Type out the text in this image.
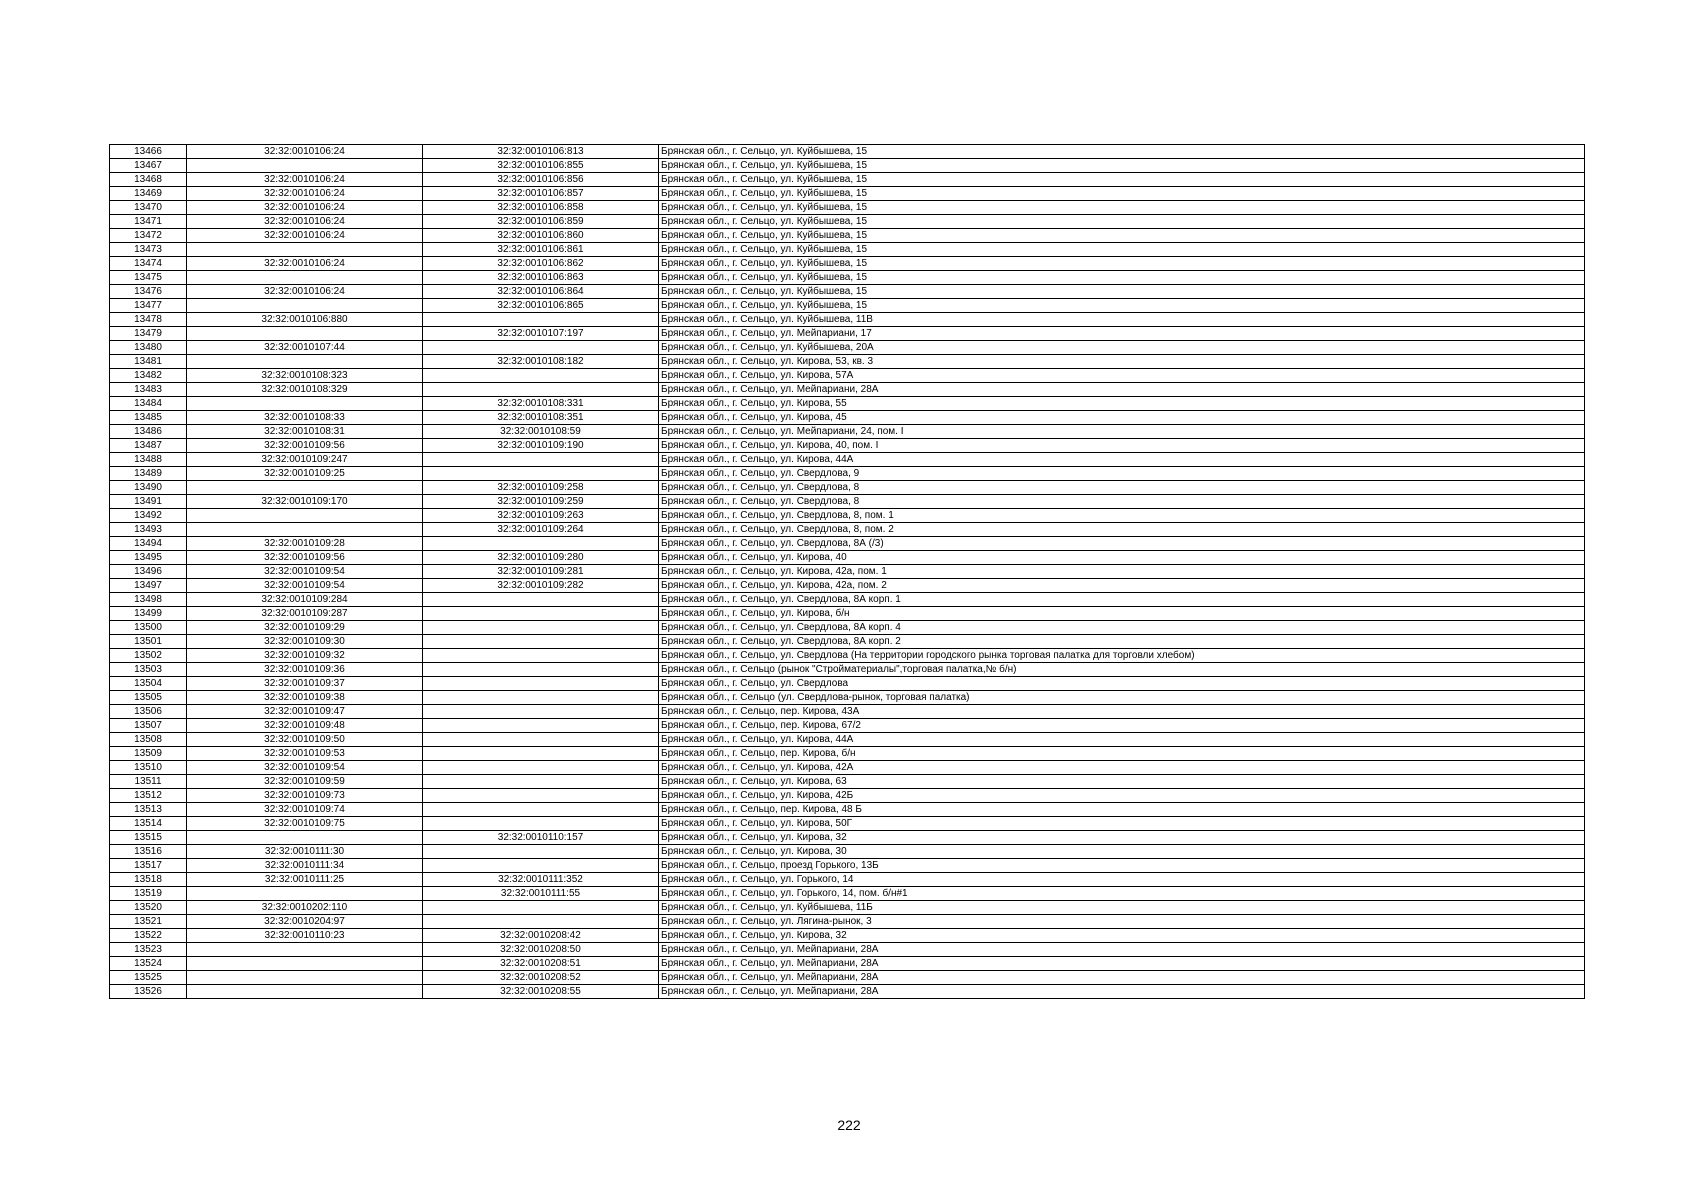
13466	32:32:0010106:24	32:32:0010106:813	Брянская обл., г. Сельцо, ул. Куйбышева, 15
13467		32:32:0010106:855	Брянская обл., г. Сельцо, ул. Куйбышева, 15
13468	32:32:0010106:24	32:32:0010106:856	Брянская обл., г. Сельцо, ул. Куйбышева, 15
13469	32:32:0010106:24	32:32:0010106:857	Брянская обл., г. Сельцо, ул. Куйбышева, 15
13470	32:32:0010106:24	32:32:0010106:858	Брянская обл., г. Сельцо, ул. Куйбышева, 15
13471	32:32:0010106:24	32:32:0010106:859	Брянская обл., г. Сельцо, ул. Куйбышева, 15
13472	32:32:0010106:24	32:32:0010106:860	Брянская обл., г. Сельцо, ул. Куйбышева, 15
13473		32:32:0010106:861	Брянская обл., г. Сельцо, ул. Куйбышева, 15
13474	32:32:0010106:24	32:32:0010106:862	Брянская обл., г. Сельцо, ул. Куйбышева, 15
13475		32:32:0010106:863	Брянская обл., г. Сельцо, ул. Куйбышева, 15
13476	32:32:0010106:24	32:32:0010106:864	Брянская обл., г. Сельцо, ул. Куйбышева, 15
13477		32:32:0010106:865	Брянская обл., г. Сельцо, ул. Куйбышева, 15
13478	32:32:0010106:880		Брянская обл., г. Сельцо, ул. Куйбышева, 11В
13479		32:32:0010107:197	Брянская обл., г. Сельцо, ул. Мейпариани, 17
13480	32:32:0010107:44		Брянская обл., г. Сельцо, ул. Куйбышева, 20А
13481		32:32:0010108:182	Брянская обл., г. Сельцо, ул. Кирова, 53, кв. 3
13482	32:32:0010108:323		Брянская обл., г. Сельцо, ул. Кирова, 57А
13483	32:32:0010108:329		Брянская обл., г. Сельцо, ул. Мейпариани, 28А
13484		32:32:0010108:331	Брянская обл., г. Сельцо, ул. Кирова, 55
13485	32:32:0010108:33	32:32:0010108:351	Брянская обл., г. Сельцо, ул. Кирова, 45
13486	32:32:0010108:31	32:32:0010108:59	Брянская обл., г. Сельцо, ул. Мейпариани, 24, пом. I
13487	32:32:0010109:56	32:32:0010109:190	Брянская обл., г. Сельцо, ул. Кирова, 40, пом. I
13488	32:32:0010109:247		Брянская обл., г. Сельцо, ул. Кирова, 44А
13489	32:32:0010109:25		Брянская обл., г. Сельцо, ул. Свердлова, 9
13490		32:32:0010109:258	Брянская обл., г. Сельцо, ул. Свердлова, 8
13491	32:32:0010109:170	32:32:0010109:259	Брянская обл., г. Сельцо, ул. Свердлова, 8
13492		32:32:0010109:263	Брянская обл., г. Сельцо, ул. Свердлова, 8, пом. 1
13493		32:32:0010109:264	Брянская обл., г. Сельцо, ул. Свердлова, 8, пом. 2
13494	32:32:0010109:28		Брянская обл., г. Сельцо, ул. Свердлова, 8А (/3)
13495	32:32:0010109:56	32:32:0010109:280	Брянская обл., г. Сельцо, ул. Кирова, 40
13496	32:32:0010109:54	32:32:0010109:281	Брянская обл., г. Сельцо, ул. Кирова, 42а, пом. 1
13497	32:32:0010109:54	32:32:0010109:282	Брянская обл., г. Сельцо, ул. Кирова, 42а, пом. 2
13498	32:32:0010109:284		Брянская обл., г. Сельцо, ул. Свердлова, 8А корп. 1
13499	32:32:0010109:287		Брянская обл., г. Сельцо, ул. Кирова, б/н
13500	32:32:0010109:29		Брянская обл., г. Сельцо, ул. Свердлова, 8А корп. 4
13501	32:32:0010109:30		Брянская обл., г. Сельцо, ул. Свердлова, 8А корп. 2
13502	32:32:0010109:32		Брянская обл., г. Сельцо, ул. Свердлова (На территории городского рынка торговая палатка для торговли хлебом)
13503	32:32:0010109:36		Брянская обл., г. Сельцо (рынок "Стройматериалы",торговая палатка,№ б/н)
13504	32:32:0010109:37		Брянская обл., г. Сельцо, ул. Свердлова
13505	32:32:0010109:38		Брянская обл., г. Сельцо (ул. Свердлова-рынок, торговая палатка)
13506	32:32:0010109:47		Брянская обл., г. Сельцо, пер. Кирова, 43А
13507	32:32:0010109:48		Брянская обл., г. Сельцо, пер. Кирова, 67/2
13508	32:32:0010109:50		Брянская обл., г. Сельцо, ул. Кирова, 44А
13509	32:32:0010109:53		Брянская обл., г. Сельцо, пер. Кирова, б/н
13510	32:32:0010109:54		Брянская обл., г. Сельцо, ул. Кирова, 42А
13511	32:32:0010109:59		Брянская обл., г. Сельцо, ул. Кирова, 63
13512	32:32:0010109:73		Брянская обл., г. Сельцо, ул. Кирова, 42Б
13513	32:32:0010109:74		Брянская обл., г. Сельцо, пер. Кирова, 48 Б
13514	32:32:0010109:75		Брянская обл., г. Сельцо, ул. Кирова, 50Г
13515		32:32:0010110:157	Брянская обл., г. Сельцо, ул. Кирова, 32
13516	32:32:0010111:30		Брянская обл., г. Сельцо, ул. Кирова, 30
13517	32:32:0010111:34		Брянская обл., г. Сельцо, проезд Горького, 13Б
13518	32:32:0010111:25	32:32:0010111:352	Брянская обл., г. Сельцо, ул. Горького, 14
13519		32:32:0010111:55	Брянская обл., г. Сельцо, ул. Горького, 14, пом. б/н#1
13520	32:32:0010202:110		Брянская обл., г. Сельцо, ул. Куйбышева, 11Б
13521	32:32:0010204:97		Брянская обл., г. Сельцо, ул. Лягина-рынок, 3
13522	32:32:0010110:23	32:32:0010208:42	Брянская обл., г. Сельцо, ул. Кирова, 32
13523		32:32:0010208:50	Брянская обл., г. Сельцо, ул. Мейпариани, 28А
13524		32:32:0010208:51	Брянская обл., г. Сельцо, ул. Мейпариани, 28А
13525		32:32:0010208:52	Брянская обл., г. Сельцо, ул. Мейпариани, 28А
13526		32:32:0010208:55	Брянская обл., г. Сельцо, ул. Мейпариани, 28А
222
